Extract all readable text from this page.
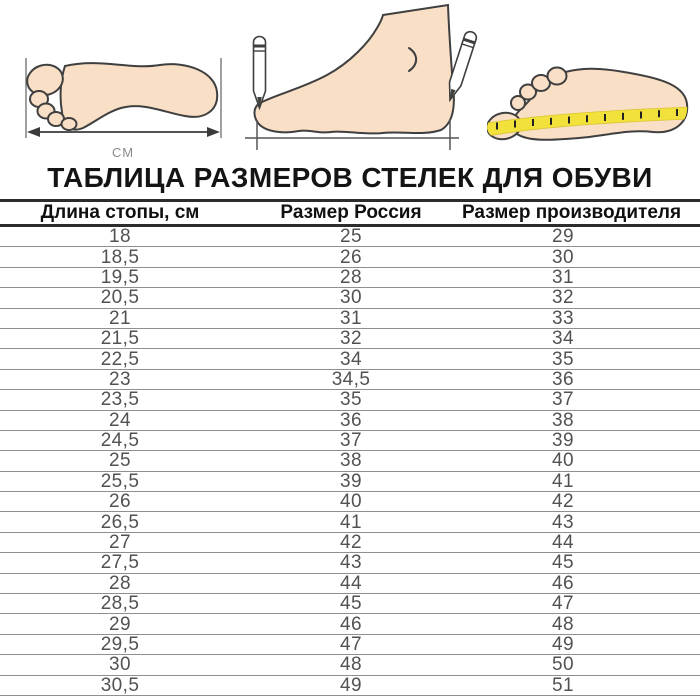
СМ
ТАБЛИЦА РАЗМЕРОВ СТЕЛЕК ДЛЯ ОБУВИ
Длина стопы, см	Размер Россия	Размер производителя
18	25	29
18,5	26	30
19,5	28	31
20,5	30	32
21	31	33
21,5	32	34
22,5	34	35
23	34,5	36
23,5	35	37
24	36	38
24,5	37	39
25	38	40
25,5	39	41
26	40	42
26,5	41	43
27	42	44
27,5	43	45
28	44	46
28,5	45	47
29	46	48
29,5	47	49
30	48	50
30,5	49	51
